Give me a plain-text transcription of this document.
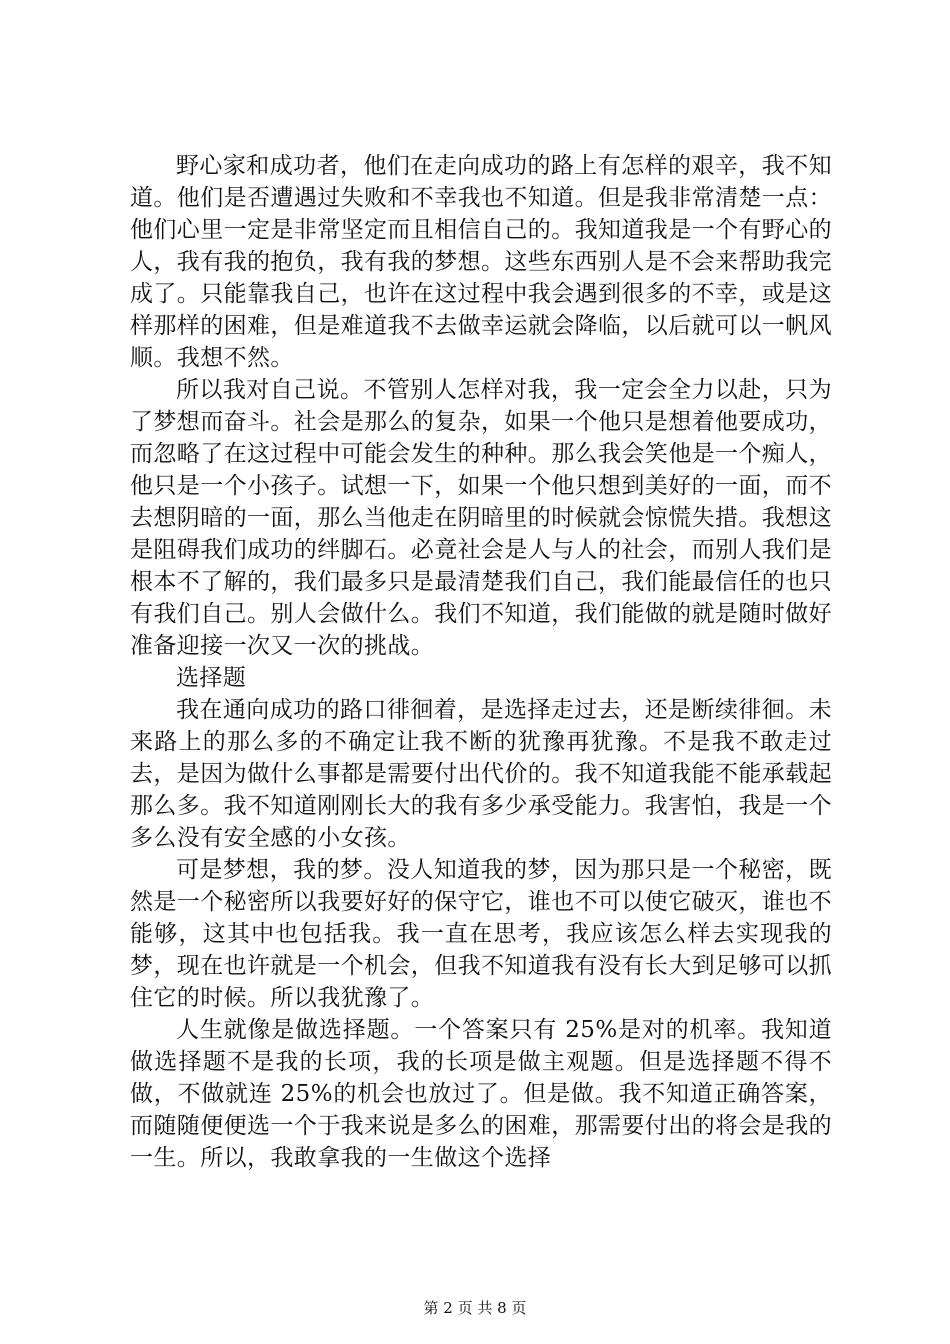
野心家和成功者，他们在走向成功的路上有怎样的艰辛，我不知道。他们是否遭遇过失败和不幸我也不知道。但是我非常清楚一点：他们心里一定是非常坚定而且相信自己的。我知道我是一个有野心的人，我有我的抱负，我有我的梦想。这些东西别人是不会来帮助我完成了。只能靠我自己，也许在这过程中我会遇到很多的不幸，或是这样那样的困难，但是难道我不去做幸运就会降临，以后就可以一帆风顺。我想不然。

所以我对自己说。不管别人怎样对我，我一定会全力以赴，只为了梦想而奋斗。社会是那么的复杂，如果一个他只是想着他要成功，而忽略了在这过程中可能会发生的种种。那么我会笑他是一个痴人，他只是一个小孩子。试想一下，如果一个他只想到美好的一面，而不去想阴暗的一面，那么当他走在阴暗里的时候就会惊慌失措。我想这是阻碍我们成功的绊脚石。必竟社会是人与人的社会，而别人我们是根本不了解的，我们最多只是最清楚我们自己，我们能最信任的也只有我们自己。别人会做什么。我们不知道，我们能做的就是随时做好准备迎接一次又一次的挑战。

选择题

我在通向成功的路口徘徊着，是选择走过去，还是断续徘徊。未来路上的那么多的不确定让我不断的犹豫再犹豫。不是我不敢走过去，是因为做什么事都是需要付出代价的。我不知道我能不能承载起那么多。我不知道刚刚长大的我有多少承受能力。我害怕，我是一个多么没有安全感的小女孩。

可是梦想，我的梦。没人知道我的梦，因为那只是一个秘密，既然是一个秘密所以我要好好的保守它，谁也不可以使它破灭，谁也不能够，这其中也包括我。我一直在思考，我应该怎么样去实现我的梦，现在也许就是一个机会，但我不知道我有没有长大到足够可以抓住它的时候。所以我犹豫了。

人生就像是做选择题。一个答案只有 25%是对的机率。我知道做选择题不是我的长项，我的长项是做主观题。但是选择题不得不做，不做就连 25%的机会也放过了。但是做。我不知道正确答案，而随随便便选一个于我来说是多么的困难，那需要付出的将会是我的一生。所以，我敢拿我的一生做这个选择

第 2 页 共 8 页
